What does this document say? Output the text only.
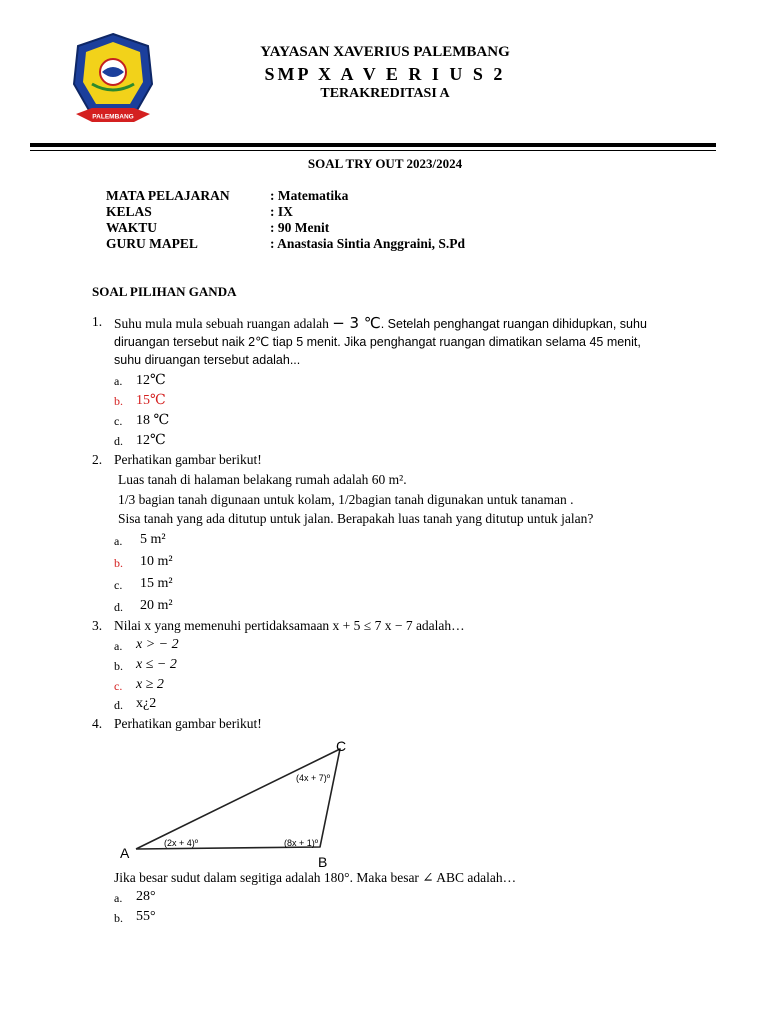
PALEMBANG
YAYASAN XAVERIUS PALEMBANG
SMP X A V E R I U S 2
TERAKREDITASI A
SOAL TRY OUT 2023/2024
MATA PELAJARAN	: Matematika
KELAS	: IX
WAKTU	: 90 Menit
GURU MAPEL	: Anastasia Sintia Anggraini, S.Pd
SOAL PILIHAN GANDA
1. Suhu mula mula sebuah ruangan adalah − 3 ℃. Setelah penghangat ruangan dihidupkan, suhu
diruangan tersebut naik 2℃ tiap 5 menit. Jika penghangat ruangan dimatikan selama 45 menit,
suhu diruangan tersebut adalah...
a. 12℃
b. 15℃
c. 18 ℃
d. 12℃
2. Perhatikan gambar berikut!
Luas tanah di halaman belakang rumah adalah 60 m².
1/3 bagian tanah digunaan untuk kolam, 1/2bagian tanah digunakan untuk tanaman .
Sisa tanah yang ada ditutup untuk jalan. Berapakah luas tanah yang ditutup untuk jalan?
a. 5 m²
b. 10 m²
c. 15 m²
d. 20 m²
3. Nilai x yang memenuhi pertidaksamaan x + 5 ≤ 7 x − 7 adalah…
a. x > − 2
b. x ≤ − 2
c. x ≥ 2
d. x¿2
4. Perhatikan gambar berikut!
A
B
C
(2x + 4)º	(8x + 1)º
(4x + 7)º
Jika besar sudut dalam segitiga adalah 180°. Maka besar ∠ ABC adalah…
a. 28°
b. 55°
